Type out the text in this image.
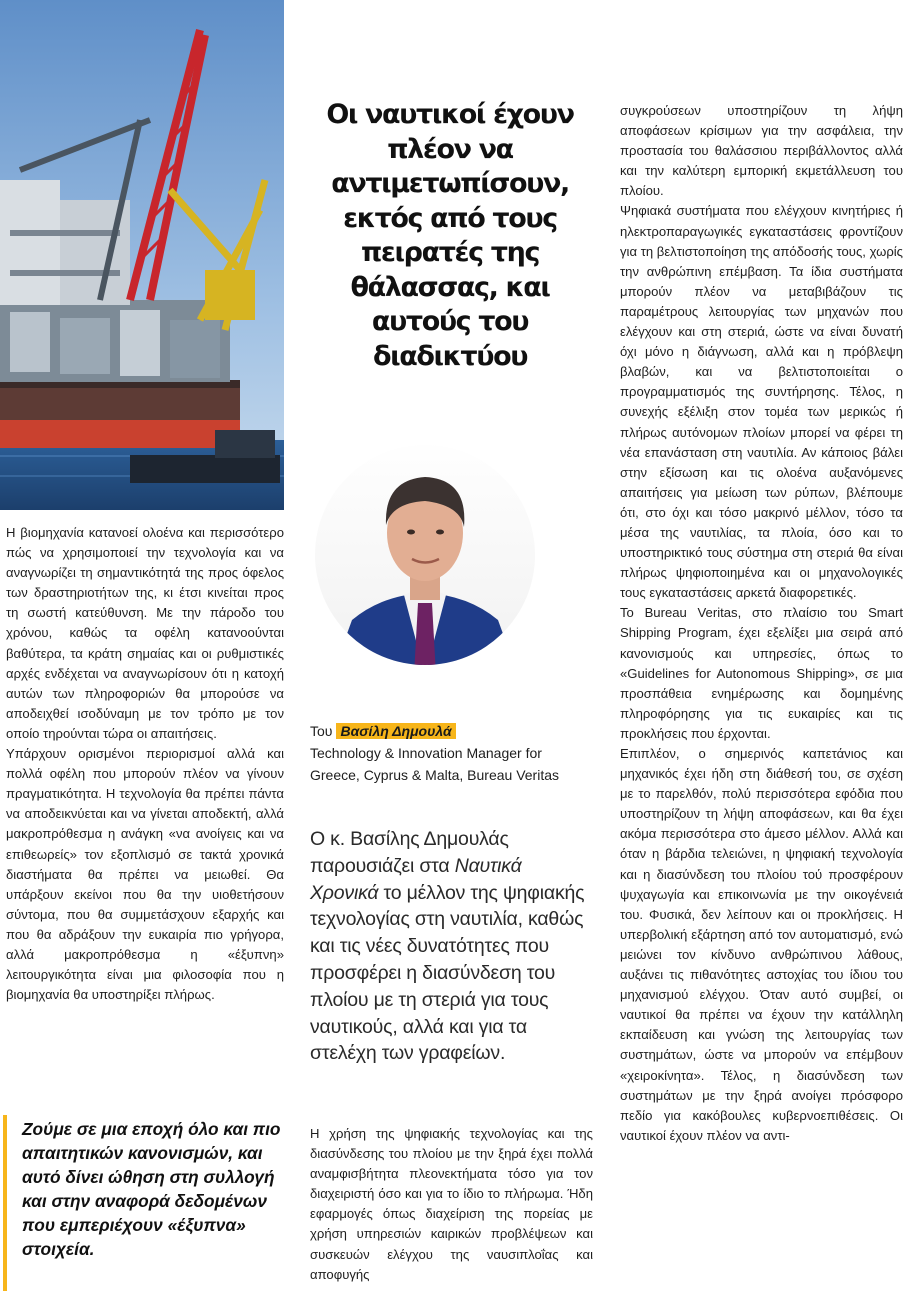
Οι ναυτικοί έχουν πλέον να αντιμετωπίσουν, εκτός από τους πειρατές της θάλασσας, και αυτούς του διαδικτύου
Του Βασίλη Δημουλά
Technology & Innovation Manager for
Greece, Cyprus & Malta, Bureau Veritas
Ο κ. Βασίλης Δημουλάς παρουσιάζει στα Ναυτικά Χρονικά το μέλλον της ψηφιακής τεχνολογίας στη ναυτιλία, καθώς και τις νέες δυνατότητες που προσφέρει η διασύνδεση του πλοίου με τη στεριά για τους ναυτικούς, αλλά και για τα στελέχη των γραφείων.

Η βιομηχανία κατανοεί ολοένα και περισσότερο πώς να χρησιμοποιεί την τεχνολογία και να αναγνωρίζει τη σημαντικότητά της προς όφελος των δραστηριοτήτων της, κι έτσι κινείται προς τη σωστή κατεύθυνση. Με την πάροδο του χρόνου, καθώς τα οφέλη κατανοούνται βαθύτερα, τα κράτη σημαίας και οι ρυθμιστικές αρχές ενδέχεται να αναγνωρίσουν ότι η κατοχή αυτών των πληροφοριών θα μπορούσε να αποδειχθεί ισοδύναμη με τον τρόπο με τον οποίο τηρούνται τώρα οι απαιτήσεις.

Υπάρχουν ορισμένοι περιορισμοί αλλά και πολλά οφέλη που μπορούν πλέον να γίνουν πραγματικότητα. Η τεχνολογία θα πρέπει πάντα να αποδεικνύεται και να γίνεται αποδεκτή, αλλά μακροπρόθεσμα η ανάγκη «να ανοίγεις και να επιθεωρείς» τον εξοπλισμό σε τακτά χρονικά διαστήματα θα πρέπει να μειωθεί. Θα υπάρξουν εκείνοι που θα την υιοθετήσουν σύντομα, που θα συμμετάσχουν εξαρχής και που θα αδράξουν την ευκαιρία πιο γρήγορα, αλλά μακροπρόθεσμα η «έξυπνη» λειτουργικότητα είναι μια φιλοσοφία που η βιομηχανία θα υποστηρίξει πλήρως.

Ζούμε σε μια εποχή όλο και πιο απαιτητικών κανονισμών, και αυτό δίνει ώθηση στη συλλογή και στην αναφορά δεδομένων που εμπεριέχουν «έξυπνα» στοιχεία.

Η χρήση της ψηφιακής τεχνολογίας και της διασύνδεσης του πλοίου με την ξηρά έχει πολλά αναμφισβήτητα πλεονεκτήματα τόσο για τον διαχειριστή όσο και για το ίδιο το πλήρωμα. Ήδη εφαρμογές όπως διαχείριση της πορείας με χρήση υπηρεσιών καιρικών προβλέψεων και συσκευών ελέγχου της ναυσιπλοΐας και αποφυγής

συγκρούσεων υποστηρίζουν τη λήψη αποφάσεων κρίσιμων για την ασφάλεια, την προστασία του θαλάσσιου περιβάλλοντος αλλά και την καλύτερη εμπορική εκμετάλλευση του πλοίου.

Ψηφιακά συστήματα που ελέγχουν κινητήριες ή ηλεκτροπαραγωγικές εγκαταστάσεις φροντίζουν για τη βελτιστοποίηση της απόδοσής τους, χωρίς την ανθρώπινη επέμβαση. Τα ίδια συστήματα μπορούν πλέον να μεταβιβάζουν τις παραμέτρους λειτουργίας των μηχανών που ελέγχουν και στη στεριά, ώστε να είναι δυνατή όχι μόνο η διάγνωση, αλλά και η πρόβλεψη βλαβών, και να βελτιστοποιείται ο προγραμματισμός της συντήρησης. Τέλος, η συνεχής εξέλιξη στον τομέα των μερικώς ή πλήρως αυτόνομων πλοίων μπορεί να φέρει τη νέα επανάσταση στη ναυτιλία. Αν κάποιος βάλει στην εξίσωση και τις ολοένα αυξανόμενες απαιτήσεις για μείωση των ρύπων, βλέπουμε ότι, στο όχι και τόσο μακρινό μέλλον, τόσο τα μέσα της ναυτιλίας, τα πλοία, όσο και το υποστηρικτικό τους σύστημα στη στεριά θα είναι πλήρως ψηφιοποιημένα και οι μηχανολογικές τους εγκαταστάσεις αρκετά διαφορετικές.

Το Bureau Veritas, στο πλαίσιο του Smart Shipping Program, έχει εξελίξει μια σειρά από κανονισμούς και υπηρεσίες, όπως το «Guidelines for Autonomous Shipping», σε μια προσπάθεια ενημέρωσης και δομημένης πληροφόρησης για τις ευκαιρίες και τις προκλήσεις που έρχονται.

Επιπλέον, ο σημερινός καπετάνιος και μηχανικός έχει ήδη στη διάθεσή του, σε σχέση με το παρελθόν, πολύ περισσότερα εφόδια που υποστηρίζουν τη λήψη αποφάσεων, και θα έχει ακόμα περισσότερα στο άμεσο μέλλον. Αλλά και όταν η βάρδια τελειώνει, η ψηφιακή τεχνολογία και η διασύνδεση του πλοίου τού προσφέρουν ψυχαγωγία και επικοινωνία με την οικογένειά του. Φυσικά, δεν λείπουν και οι προκλήσεις. Η υπερβολική εξάρτηση από τον αυτοματισμό, ενώ μειώνει τον κίνδυνο ανθρώπινου λάθους, αυξάνει τις πιθανότητες αστοχίας του ίδιου του μηχανισμού ελέγχου. Όταν αυτό συμβεί, οι ναυτικοί θα πρέπει να έχουν την κατάλληλη εκπαίδευση και γνώση της λειτουργίας των συστημάτων, ώστε να μπορούν να επέμβουν «χειροκίνητα». Τέλος, η διασύνδεση των συστημάτων με την ξηρά ανοίγει πρόσφορο πεδίο για κακόβουλες κυβερνοεπιθέσεις. Οι ναυτικοί έχουν πλέον να αντι-
